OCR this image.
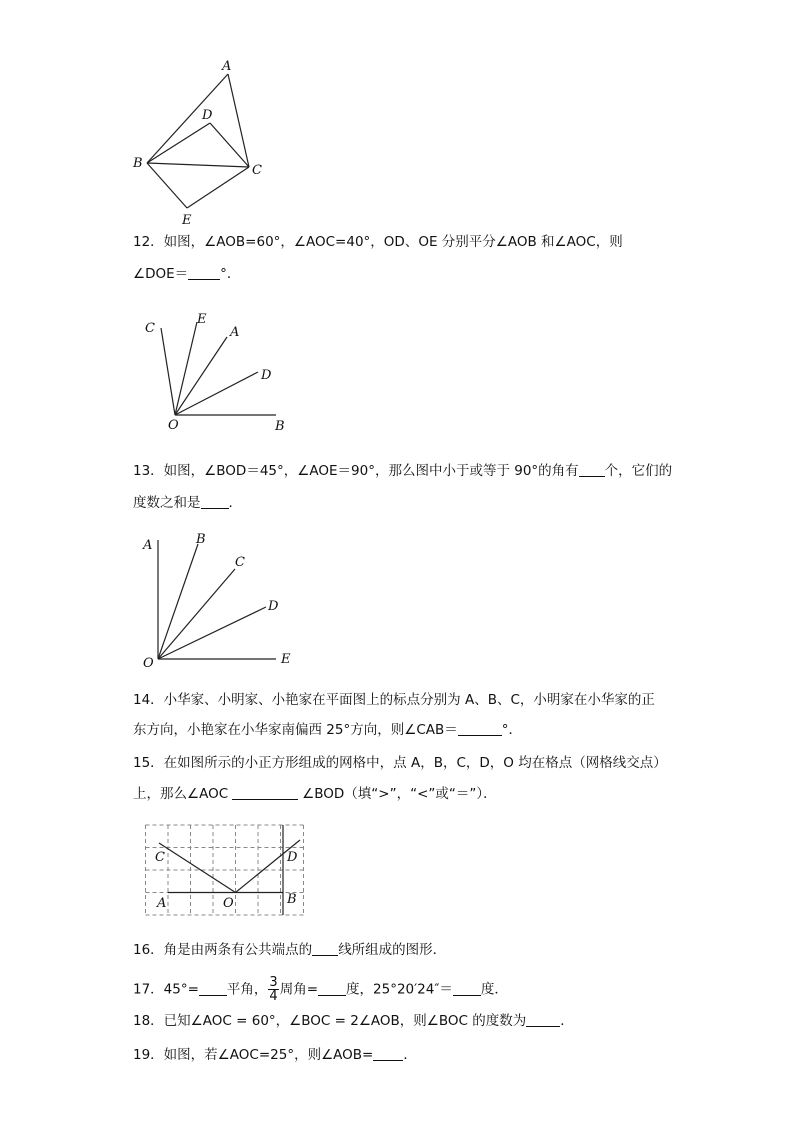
A
D
B	C
E
12．如图，∠AOB=60°，∠AOC=40°，OD、OE 分别平分∠AOB 和∠AOC，则
∠DOE＝ °．
C
E
A
D
O	B
13．如图，∠BOD＝45°，∠AOE＝90°，那么图中小于或等于 90°的角有 个，它们的
度数之和是 ．
A	B
C
D
O	E
14．小华家、小明家、小艳家在平面图上的标点分别为 A、B、C，小明家在小华家的正
东方向，小艳家在小华家南偏西 25°方向，则∠CAB＝	°．
15．在如图所示的小正方形组成的网格中，点 A，B，C，D，O 均在格点（网格线交点）
上，那么∠AOC	∠BOD（填“>”，“<”或“＝”）．
C	D
A	O	B
16．角是由两条有公共端点的 线所组成的图形．
17．45°= 平角， $\frac{3}{4}$ 周角= 度，25°20′24″＝ 度．
18．已知∠AOC = 60°，∠BOC = 2∠AOB，则∠BOC 的度数为	．
19．如图，若∠AOC=25°，则∠AOB= ．
